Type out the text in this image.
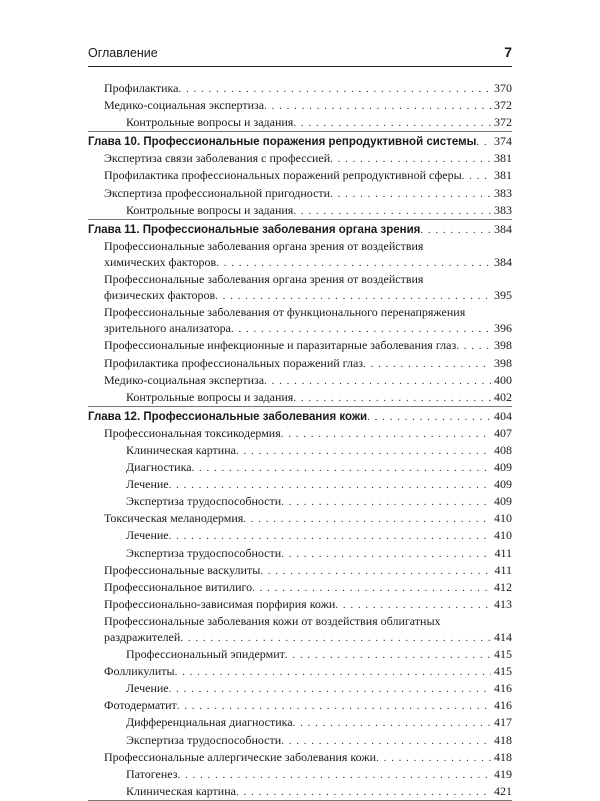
Оглавление	7
Профилактика . . .	370
Медико-социальная экспертиза . . .	372
Контрольные вопросы и задания . . .	372
Глава 10. Профессиональные поражения репродуктивной системы . . . 374
Экспертиза связи заболевания с профессией . . .	381
Профилактика профессиональных поражений репродуктивной сферы . . .	381
Экспертиза профессиональной пригодности . . .	383
Контрольные вопросы и задания . . .	383
Глава 11. Профессиональные заболевания органа зрения . . .	384
Профессиональные заболевания органа зрения от воздействия
химических факторов . . .	384
Профессиональные заболевания органа зрения от воздействия
физических факторов . . .	395
Профессиональные заболевания от функционального перенапряжения
зрительного анализатора . . .	396
Профессиональные инфекционные и паразитарные заболевания глаз . . .	398
Профилактика профессиональных поражений глаз . . .	398
Медико-социальная экспертиза . . .	400
Контрольные вопросы и задания . . .	402
Глава 12. Профессиональные заболевания кожи . . .	404
Профессиональная токсикодермия . . .	407
Клиническая картина . . .	408
Диагностика . . .	409
Лечение . . .	409
Экспертиза трудоспособности . . .	409
Токсическая меланодермия . . .	410
Лечение . . .	410
Экспертиза трудоспособности . . .	411
Профессиональные васкулиты . . .	411
Профессиональное витилиго . . .	412
Профессионально-зависимая порфирия кожи . . .	413
Профессиональные заболевания кожи от воздействия облигатных
раздражителей . . .	414
Профессиональный эпидермит . . .	415
Фолликулиты . . .	415
Лечение . . .	416
Фотодерматит . . .	416
Дифференциальная диагностика . . .	417
Экспертиза трудоспособности . . .	418
Профессиональные аллергические заболевания кожи . . .	418
Патогенез . . .	419
Клиническая картина . . .	421
